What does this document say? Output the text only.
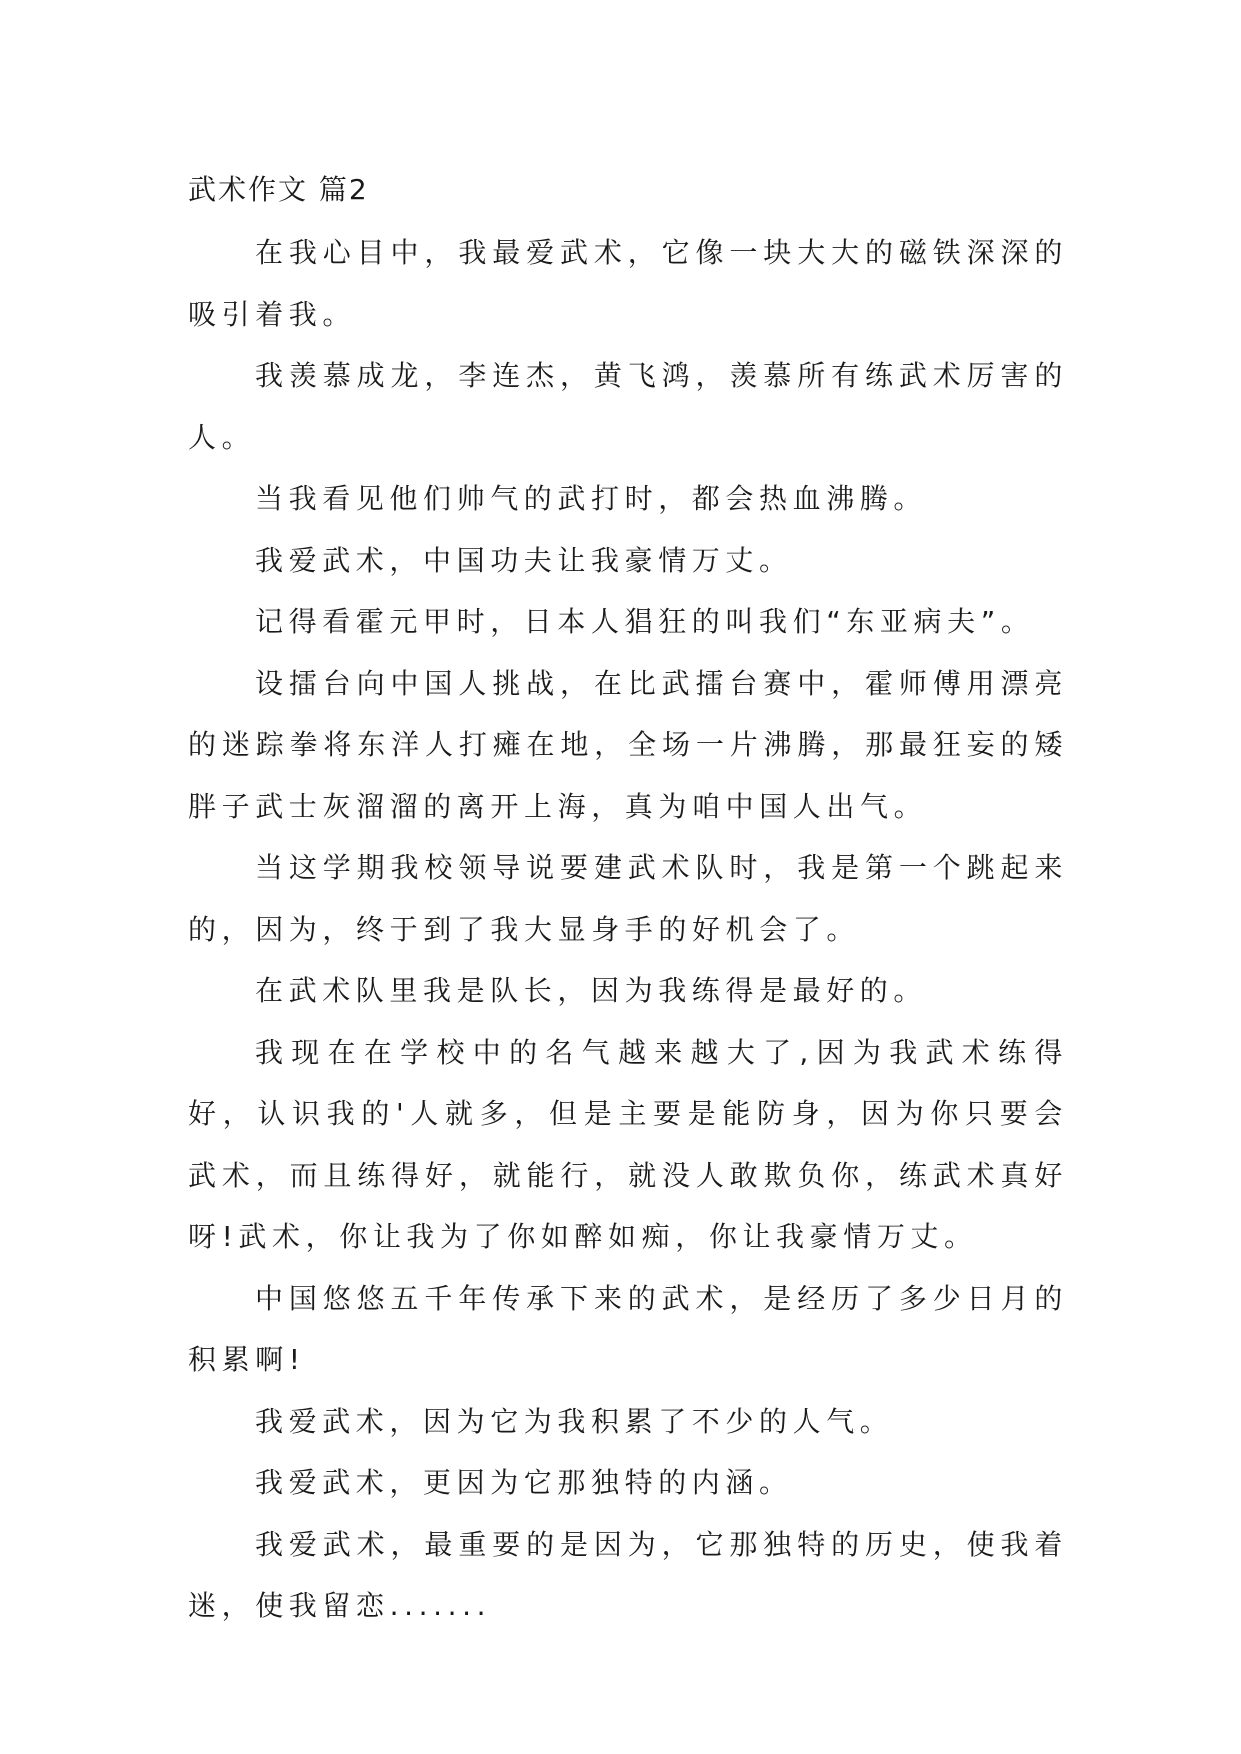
武术作文 篇2

在我心目中，我最爱武术，它像一块大大的磁铁深深的吸引着我。

我羡慕成龙，李连杰，黄飞鸿，羡慕所有练武术厉害的人。

当我看见他们帅气的武打时，都会热血沸腾。

我爱武术，中国功夫让我豪情万丈。

记得看霍元甲时，日本人猖狂的叫我们“东亚病夫”。

设擂台向中国人挑战，在比武擂台赛中，霍师傅用漂亮的迷踪拳将东洋人打瘫在地，全场一片沸腾，那最狂妄的矮胖子武士灰溜溜的离开上海，真为咱中国人出气。

当这学期我校领导说要建武术队时，我是第一个跳起来的，因为，终于到了我大显身手的好机会了。

在武术队里我是队长，因为我练得是最好的。

我现在在学校中的名气越来越大了,因为我武术练得好，认识我的'人就多，但是主要是能防身，因为你只要会武术，而且练得好，就能行，就没人敢欺负你，练武术真好呀!武术，你让我为了你如醉如痴，你让我豪情万丈。

中国悠悠五千年传承下来的武术，是经历了多少日月的积累啊!

我爱武术，因为它为我积累了不少的人气。

我爱武术，更因为它那独特的内涵。

我爱武术，最重要的是因为，它那独特的历史，使我着迷，使我留恋.......
